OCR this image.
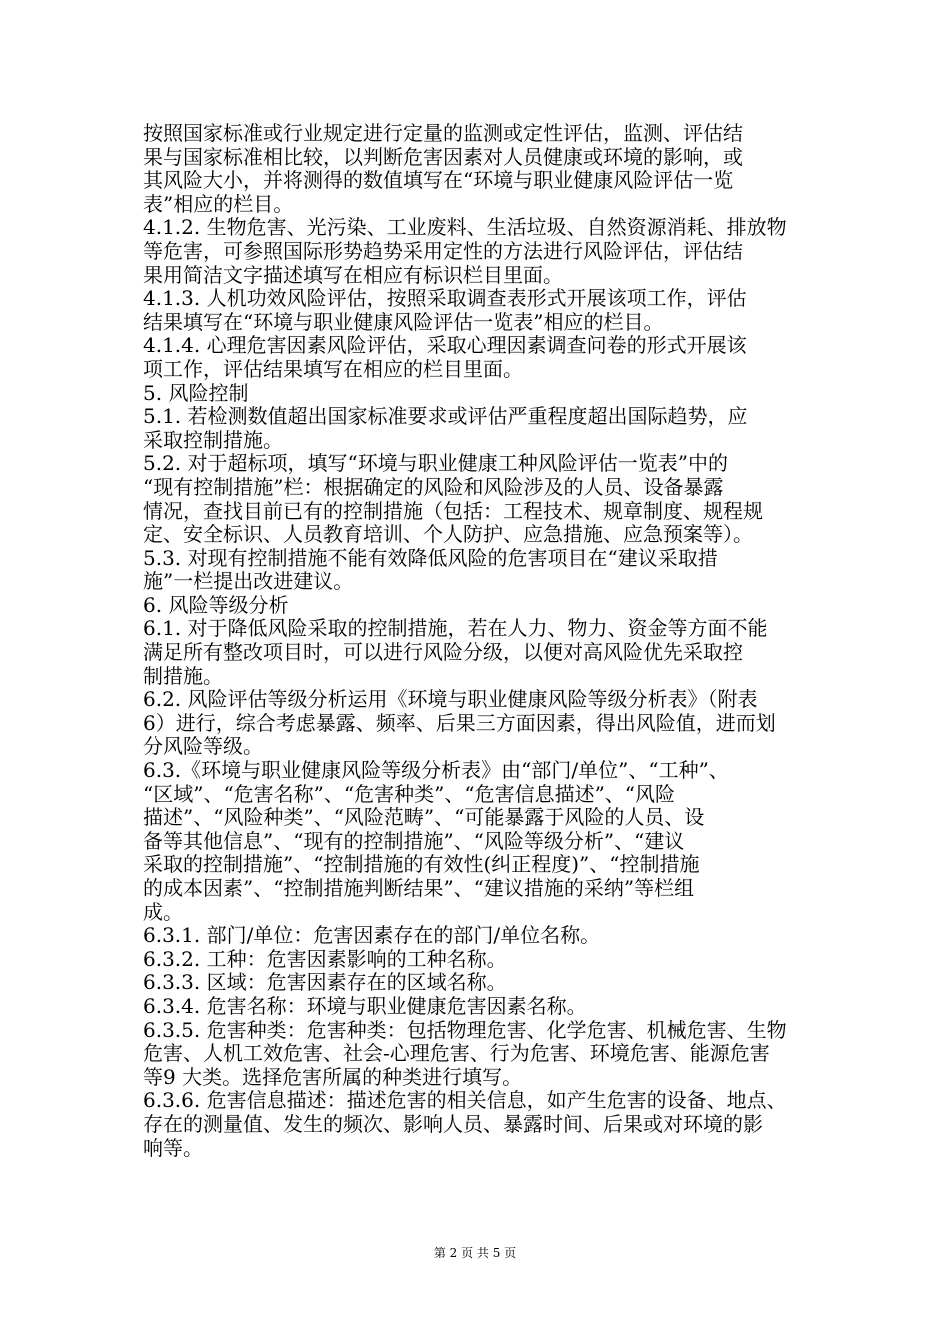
按照国家标准或行业规定进行定量的监测或定性评估，监测、评估结
果与国家标准相比较，以判断危害因素对人员健康或环境的影响，或
其风险大小，并将测得的数值填写在“环境与职业健康风险评估一览
表”相应的栏目。

4.1.2. 生物危害、光污染、工业废料、生活垃圾、自然资源消耗、排放物
等危害，可参照国际形势趋势采用定性的方法进行风险评估，评估结
果用简洁文字描述填写在相应有标识栏目里面。

4.1.3. 人机功效风险评估，按照采取调查表形式开展该项工作，评估
结果填写在“环境与职业健康风险评估一览表”相应的栏目。

4.1.4. 心理危害因素风险评估，采取心理因素调查问卷的形式开展该
项工作，评估结果填写在相应的栏目里面。

5. 风险控制

5.1. 若检测数值超出国家标准要求或评估严重程度超出国际趋势，应
采取控制措施。

5.2. 对于超标项，填写“环境与职业健康工种风险评估一览表”中的
“现有控制措施”栏：根据确定的风险和风险涉及的人员、设备暴露
情况，查找目前已有的控制措施（包括：工程技术、规章制度、规程规
定、安全标识、人员教育培训、个人防护、应急措施、应急预案等）。

5.3. 对现有控制措施不能有效降低风险的危害项目在“建议采取措
施”一栏提出改进建议。

6. 风险等级分析

6.1. 对于降低风险采取的控制措施，若在人力、物力、资金等方面不能
满足所有整改项目时，可以进行风险分级，以便对高风险优先采取控
制措施。

6.2. 风险评估等级分析运用《环境与职业健康风险等级分析表》（附表
6）进行，综合考虑暴露、频率、后果三方面因素，得出风险值，进而划
分风险等级。

6.3.《环境与职业健康风险等级分析表》由“部门/单位”、“工种”、
“区域”、“危害名称”、“危害种类”、“危害信息描述”、“风险
描述”、“风险种类”、“风险范畴”、“可能暴露于风险的人员、设
备等其他信息”、“现有的控制措施”、“风险等级分析”、“建议
采取的控制措施”、“控制措施的有效性(纠正程度)”、“控制措施
的成本因素”、“控制措施判断结果”、“建议措施的采纳”等栏组
成。

6.3.1. 部门/单位：危害因素存在的部门/单位名称。

6.3.2. 工种：危害因素影响的工种名称。

6.3.3. 区域：危害因素存在的区域名称。

6.3.4. 危害名称：环境与职业健康危害因素名称。

6.3.5. 危害种类：危害种类：包括物理危害、化学危害、机械危害、生物
危害、人机工效危害、社会-心理危害、行为危害、环境危害、能源危害
等9 大类。选择危害所属的种类进行填写。

6.3.6. 危害信息描述：描述危害的相关信息，如产生危害的设备、地点、
存在的测量值、发生的频次、影响人员、暴露时间、后果或对环境的影
响等。

第 2 页 共 5 页
